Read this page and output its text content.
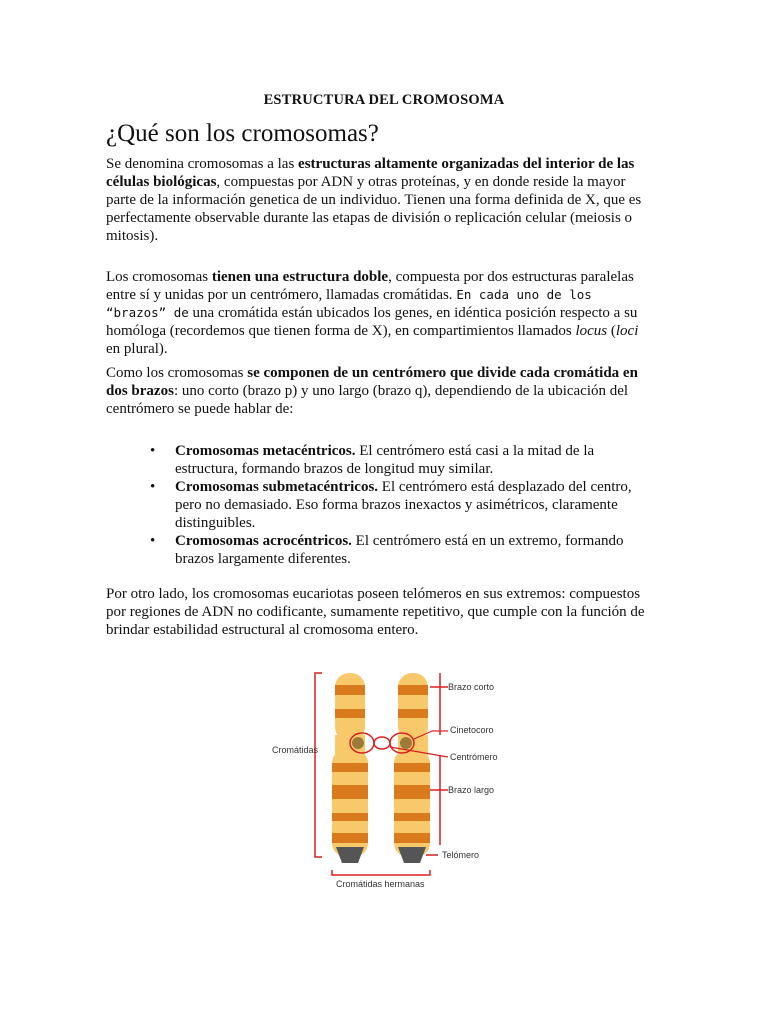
ESTRUCTURA DEL CROMOSOMA
¿Qué son los cromosomas?
Se denomina cromosomas a las estructuras altamente organizadas del interior de las células biológicas, compuestas por ADN y otras proteínas, y en donde reside la mayor parte de la información genetica de un individuo. Tienen una forma definida de X, que es perfectamente observable durante las etapas de división o replicación celular (meiosis o mitosis).
Los cromosomas tienen una estructura doble, compuesta por dos estructuras paralelas entre sí y unidas por un centrómero, llamadas cromátidas. En cada uno de los “brazos” de una cromátida están ubicados los genes, en idéntica posición respecto a su homóloga (recordemos que tienen forma de X), en compartimientos llamados locus (loci en plural).
Como los cromosomas se componen de un centrómero que divide cada cromátida en dos brazos: uno corto (brazo p) y uno largo (brazo q), dependiendo de la ubicación del centrómero se puede hablar de:
• Cromosomas metacéntricos. El centrómero está casi a la mitad de la estructura, formando brazos de longitud muy similar.
• Cromosomas submetacéntricos. El centrómero está desplazado del centro, pero no demasiado. Eso forma brazos inexactos y asimétricos, claramente distinguibles.
• Cromosomas acrocéntricos. El centrómero está en un extremo, formando brazos largamente diferentes.
Por otro lado, los cromosomas eucariotas poseen telómeros en sus extremos: compuestos por regiones de ADN no codificante, sumamente repetitivo, que cumple con la función de brindar estabilidad estructural al cromosoma entero.
Cromátidas
Brazo corto
Cinetocoro
Centrómero
Brazo largo
Telómero
Cromátidas hermanas
